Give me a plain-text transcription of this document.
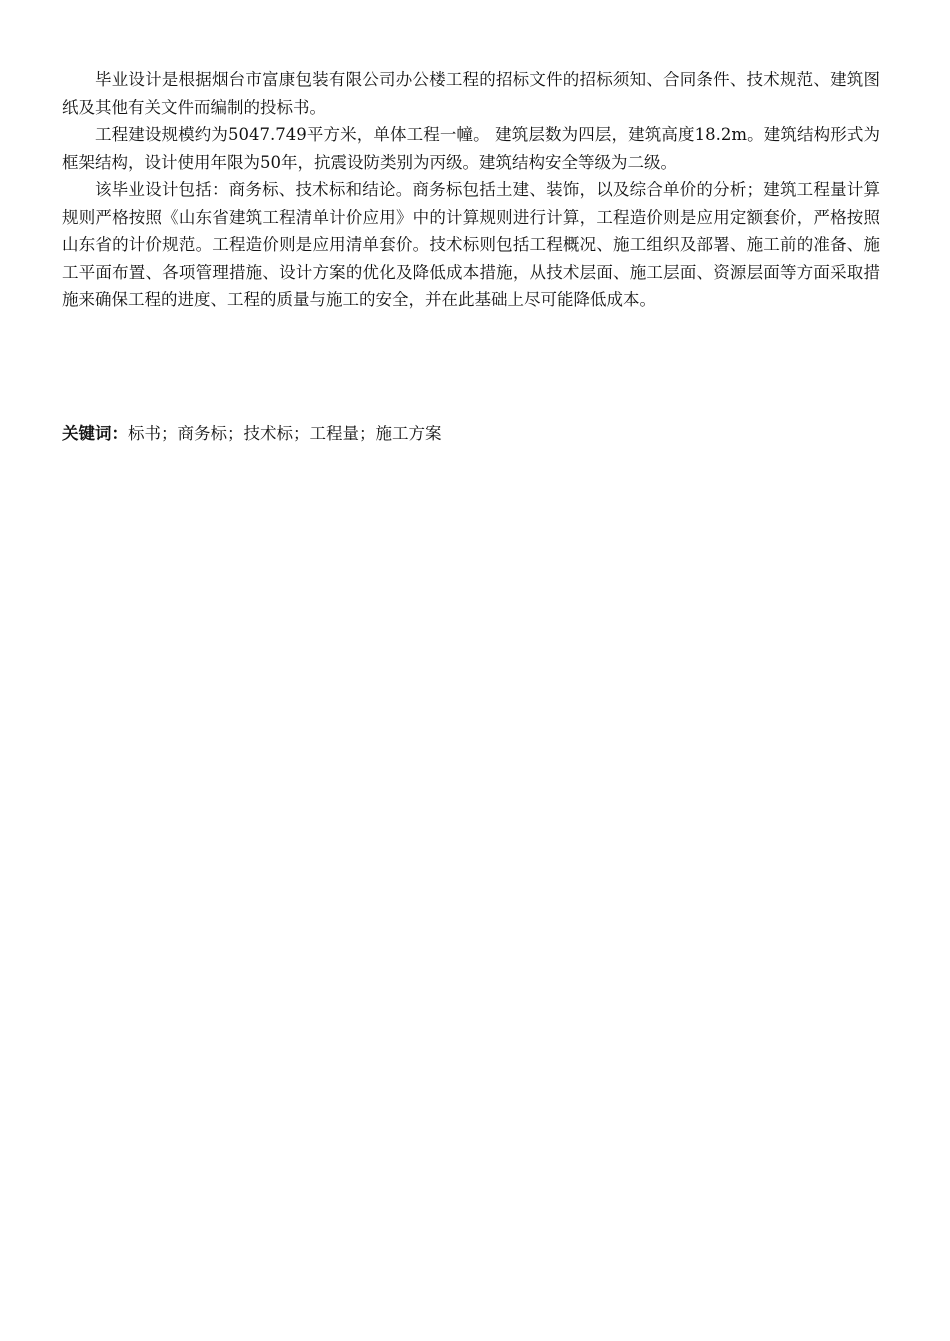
毕业设计是根据烟台市富康包装有限公司办公楼工程的招标文件的招标须知、合同条件、技术规范、建筑图纸及其他有关文件而编制的投标书。

工程建设规模约为5047.749平方米，单体工程一幢。 建筑层数为四层，建筑高度18.2m。建筑结构形式为框架结构，设计使用年限为50年，抗震设防类别为丙级。建筑结构安全等级为二级。

该毕业设计包括：商务标、技术标和结论。商务标包括土建、装饰，以及综合单价的分析；建筑工程量计算规则严格按照《山东省建筑工程清单计价应用》中的计算规则进行计算，工程造价则是应用定额套价，严格按照山东省的计价规范。工程造价则是应用清单套价。技术标则包括工程概况、施工组织及部署、施工前的准备、施工平面布置、各项管理措施、设计方案的优化及降低成本措施，从技术层面、施工层面、资源层面等方面采取措施来确保工程的进度、工程的质量与施工的安全，并在此基础上尽可能降低成本。

关键词：标书；商务标；技术标；工程量；施工方案
